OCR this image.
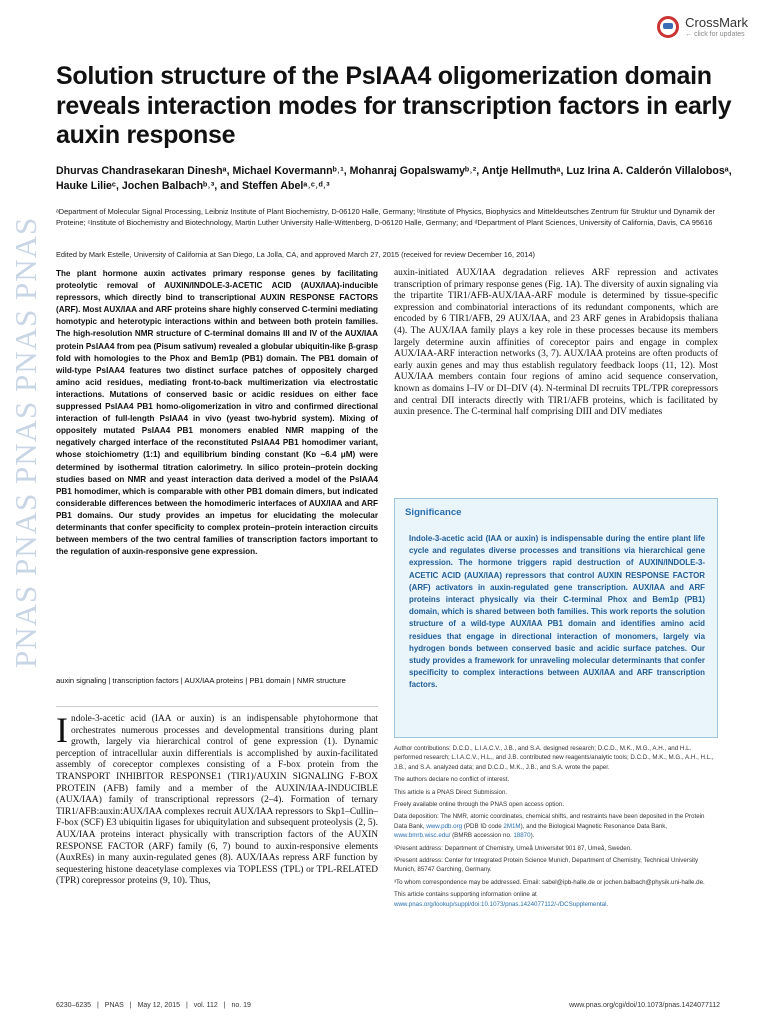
PNAS PNAS PNAS PNAS PNAS
CrossMark
← click for updates
Solution structure of the PsIAA4 oligomerization domain reveals interaction modes for transcription factors in early auxin response
Dhurvas Chandrasekaran Dineshᵃ, Michael Kovermannᵇ˒¹, Mohanraj Gopalswamyᵇ˒², Antje Hellmuthᵃ, Luz Irina A. Calderón Villalobosᵃ, Hauke Lilieᶜ, Jochen Balbachᵇ˒³, and Steffen Abelᵃ˒ᶜ˒ᵈ˒³
ᵃDepartment of Molecular Signal Processing, Leibniz Institute of Plant Biochemistry, D-06120 Halle, Germany; ᵇInstitute of Physics, Biophysics and Mitteldeutsches Zentrum für Struktur und Dynamik der Proteine; ᶜInstitute of Biochemistry and Biotechnology, Martin Luther University Halle-Wittenberg, D-06120 Halle, Germany; and ᵈDepartment of Plant Sciences, University of California, Davis, CA 95616
Edited by Mark Estelle, University of California at San Diego, La Jolla, CA, and approved March 27, 2015 (received for review December 16, 2014)

The plant hormone auxin activates primary response genes by facilitating proteolytic removal of AUXIN/INDOLE-3-ACETIC ACID (AUX/IAA)-inducible repressors, which directly bind to transcriptional AUXIN RESPONSE FACTORS (ARF). Most AUX/IAA and ARF proteins share highly conserved C-termini mediating homotypic and heterotypic interactions within and between both protein families. The high-resolution NMR structure of C-terminal domains III and IV of the AUX/IAA protein PsIAA4 from pea (Pisum sativum) revealed a globular ubiquitin-like β-grasp fold with homologies to the Phox and Bem1p (PB1) domain. The PB1 domain of wild-type PsIAA4 features two distinct surface patches of oppositely charged amino acid residues, mediating front-to-back multimerization via electrostatic interactions. Mutations of conserved basic or acidic residues on either face suppressed PsIAA4 PB1 homo-oligomerization in vitro and confirmed directional interaction of full-length PsIAA4 in vivo (yeast two-hybrid system). Mixing of oppositely mutated PsIAA4 PB1 monomers enabled NMR mapping of the negatively charged interface of the reconstituted PsIAA4 PB1 homodimer variant, whose stoichiometry (1:1) and equilibrium binding constant (Kᴅ ~6.4 μM) were determined by isothermal titration calorimetry. In silico protein–protein docking studies based on NMR and yeast interaction data derived a model of the PsIAA4 PB1 homodimer, which is comparable with other PB1 domain dimers, but indicated considerable differences between the homodimeric interfaces of AUX/IAA and ARF PB1 domains. Our study provides an impetus for elucidating the molecular determinants that confer specificity to complex protein–protein interaction circuits between members of the two central families of transcription factors important to the regulation of auxin-responsive gene expression.

auxin signaling | transcription factors | AUX/IAA proteins | PB1 domain | NMR structure

Indole-3-acetic acid (IAA or auxin) is an indispensable phytohormone that orchestrates numerous processes and developmental transitions during plant growth, largely via hierarchical control of gene expression (1). Dynamic perception of intracellular auxin differentials is accomplished by auxin-facilitated assembly of coreceptor complexes consisting of a F-box protein from the TRANSPORT INHIBITOR RESPONSE1 (TIR1)/AUXIN SIGNALING F-BOX PROTEIN (AFB) family and a member of the AUXIN/IAA-INDUCIBLE (AUX/IAA) family of transcriptional repressors (2–4). Formation of ternary TIR1/AFB:auxin:AUX/IAA complexes recruit AUX/IAA repressors to Skp1–Cullin–F-box (SCF) E3 ubiquitin ligases for ubiquitylation and subsequent proteolysis (2, 5). AUX/IAA proteins interact physically with transcription factors of the AUXIN RESPONSE FACTOR (ARF) family (6, 7) bound to auxin-responsive elements (AuxREs) in many auxin-regulated genes (8). AUX/IAAs repress ARF function by sequestering histone deacetylase complexes via TOPLESS (TPL) or TPL-RELATED (TPR) corepressor proteins (9, 10). Thus,

auxin-initiated AUX/IAA degradation relieves ARF repression and activates transcription of primary response genes (Fig. 1A). The diversity of auxin signaling via the tripartite TIR1/AFB-AUX/IAA-ARF module is determined by tissue-specific expression and combinatorial interactions of its redundant components, which are encoded by 6 TIR1/AFB, 29 AUX/IAA, and 23 ARF genes in Arabidopsis thaliana (4). The AUX/IAA family plays a key role in these processes because its members largely determine auxin affinities of coreceptor pairs and engage in complex AUX/IAA-ARF interaction networks (3, 7). AUX/IAA proteins are often products of early auxin genes and may thus establish regulatory feedback loops (11, 12). Most AUX/IAA members contain four regions of amino acid sequence conservation, known as domains I–IV or DI–DIV (4). N-terminal DI recruits TPL/TPR corepressors and central DII interacts directly with TIR1/AFB proteins, which is facilitated by auxin presence. The C-terminal half comprising DIII and DIV mediates

Significance

Indole-3-acetic acid (IAA or auxin) is indispensable during the entire plant life cycle and regulates diverse processes and transitions via hierarchical gene expression. The hormone triggers rapid destruction of AUXIN/INDOLE-3-ACETIC ACID (AUX/IAA) repressors that control AUXIN RESPONSE FACTOR (ARF) activators in auxin-regulated gene transcription. AUX/IAA and ARF proteins interact physically via their C-terminal Phox and Bem1p (PB1) domain, which is shared between both families. This work reports the solution structure of a wild-type AUX/IAA PB1 domain and identifies amino acid residues that engage in directional interaction of monomers, largely via hydrogen bonds between conserved basic and acidic surface patches. Our study provides a framework for unraveling molecular determinants that confer specificity to complex interactions between AUX/IAA and ARF transcription factors.

Author contributions: D.C.D., L.I.A.C.V., J.B., and S.A. designed research; D.C.D., M.K., M.G., A.H., and H.L. performed research; L.I.A.C.V., H.L., and J.B. contributed new reagents/analytic tools; D.C.D., M.K., M.G., A.H., H.L., J.B., and S.A. analyzed data; and D.C.D., M.K., J.B., and S.A. wrote the paper.

The authors declare no conflict of interest.

This article is a PNAS Direct Submission.

Freely available online through the PNAS open access option.

Data deposition: The NMR, atomic coordinates, chemical shifts, and restraints have been deposited in the Protein Data Bank, www.pdb.org (PDB ID code 2M1M), and the Biological Magnetic Resonance Data Bank, www.bmrb.wisc.edu/ (BMRB accession no. 18870).

¹Present address: Department of Chemistry, Umeå Universitet 901 87, Umeå, Sweden.

²Present address: Center for Integrated Protein Science Munich, Department of Chemistry, Technical University Munich, 85747 Garching, Germany.

³To whom correspondence may be addressed. Email: sabel@ipb-halle.de or jochen.balbach@physik.uni-halle.de.

This article contains supporting information online at www.pnas.org/lookup/suppl/doi:10.1073/pnas.1424077112/-/DCSupplemental.

6230–6235 | PNAS | May 12, 2015 | vol. 112 | no. 19	www.pnas.org/cgi/doi/10.1073/pnas.1424077112
